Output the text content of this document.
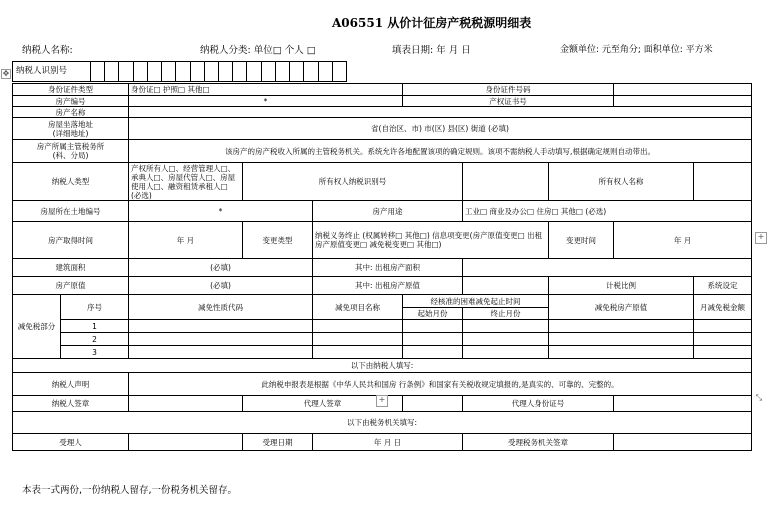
A06551 从价计征房产税税源明细表
纳税人名称:	纳税人分类: 单位□ 个人 □	填表日期: 年 月 日	金额单位: 元至角分; 面积单位: 平方米
✥ 纳税人识别号
身份证件类型		身份证□ 护照□ 其他□			身份证件号码				
房产编号		*			产权证书号				
房产名称									
房屋坐落地址
(详细地址)		省(自治区、市) 市(区) 县(区) 街道 (必填)							
房产所属主管税务所
(科、分局)		该房产的房产税收入所属的主管税务机关。系统允许各地配置该项的确定规则。该项不需纳税人手动填写,根据确定规则自动带出。							
纳税人类型		产权所有人□、经营管理人□、承典人□、房屋代管人□、房屋使用人□、融资租赁承租人□ (必选)	所有权人纳税识别号				所有权人名称		
房屋所在土地编号		*		房产用途		工业□ 商业及办公□ 住房□ 其他□ (必选)			
房产取得时间		年 月	变更类型	纳税义务终止 (权属转移□ 其他□) 信息项变更(房产原值变更□ 出租房产原值变更□ 减免税变更□ 其他□)			变更时间	年 月	
建筑面积		(必填)		其中: 出租房产面积					
房产原值		(必填)		其中: 出租房产原值			计税比例		系统设定
减免税部分	序号	减免性质代码		减免项目名称	经核准的困难减免起止时间		减免税房产原值		月减免税金额
					起始月份	终止月份			
	1								
	2								
	3								
以下由纳税人填写:									
纳税人声明		此纳税申报表是根据《中华人民共和国房 行条例》和国家有关税收规定填报的,是真实的、可靠的、完整的。							
纳税人签章			代理人签章			代理人身份证号			
以下由税务机关填写:									
受理人			受理日期	年 月 日		受理税务机关签章			
+
+
⤡
本表一式两份,一份纳税人留存,一份税务机关留存。
